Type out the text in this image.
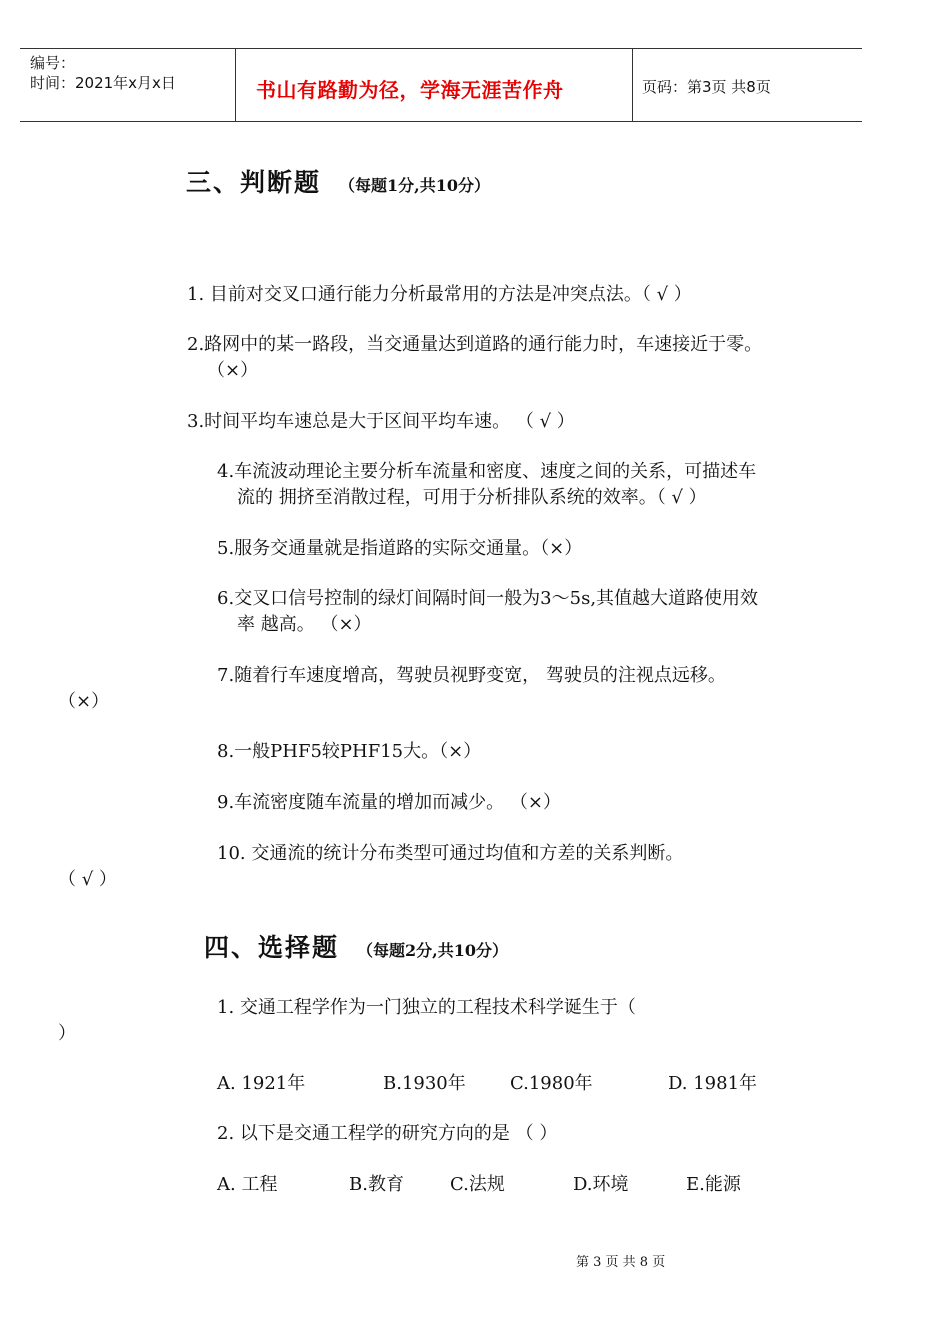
编号：
时间：2021年x月x日	书山有路勤为径，学海无涯苦作舟	页码：第3页 共8页
三、判断题 （每题1分,共10分）
1. 目前对交叉口通行能力分析最常用的方法是冲突点法。（ √ ）
2.路网中的某一路段，当交通量达到道路的通行能力时，车速接近于零。
（×）
3.时间平均车速总是大于区间平均车速。 （ √ ）
4.车流波动理论主要分析车流量和密度、速度之间的关系，可描述车
流的 拥挤至消散过程，可用于分析排队系统的效率。（ √ ）
5.服务交通量就是指道路的实际交通量。（×）
6.交叉口信号控制的绿灯间隔时间一般为3～5s,其值越大道路使用效
率 越高。 （×）
7.随着行车速度增高，驾驶员视野变宽， 驾驶员的注视点远移。
（×）
8.一般PHF5较PHF15大。（×）
9.车流密度随车流量的增加而减少。 （×）
10. 交通流的统计分布类型可通过均值和方差的关系判断。
（ √ ）
四、选择题 （每题2分,共10分）
1. 交通工程学作为一门独立的工程技术科学诞生于（
）
A. 1921年	B.1930年 C.1980年	D. 1981年
2. 以下是交通工程学的研究方向的是 （ ）
A. 工程	B.教育	C.法规	D.环境	E.能源
第 3 页 共 8 页
